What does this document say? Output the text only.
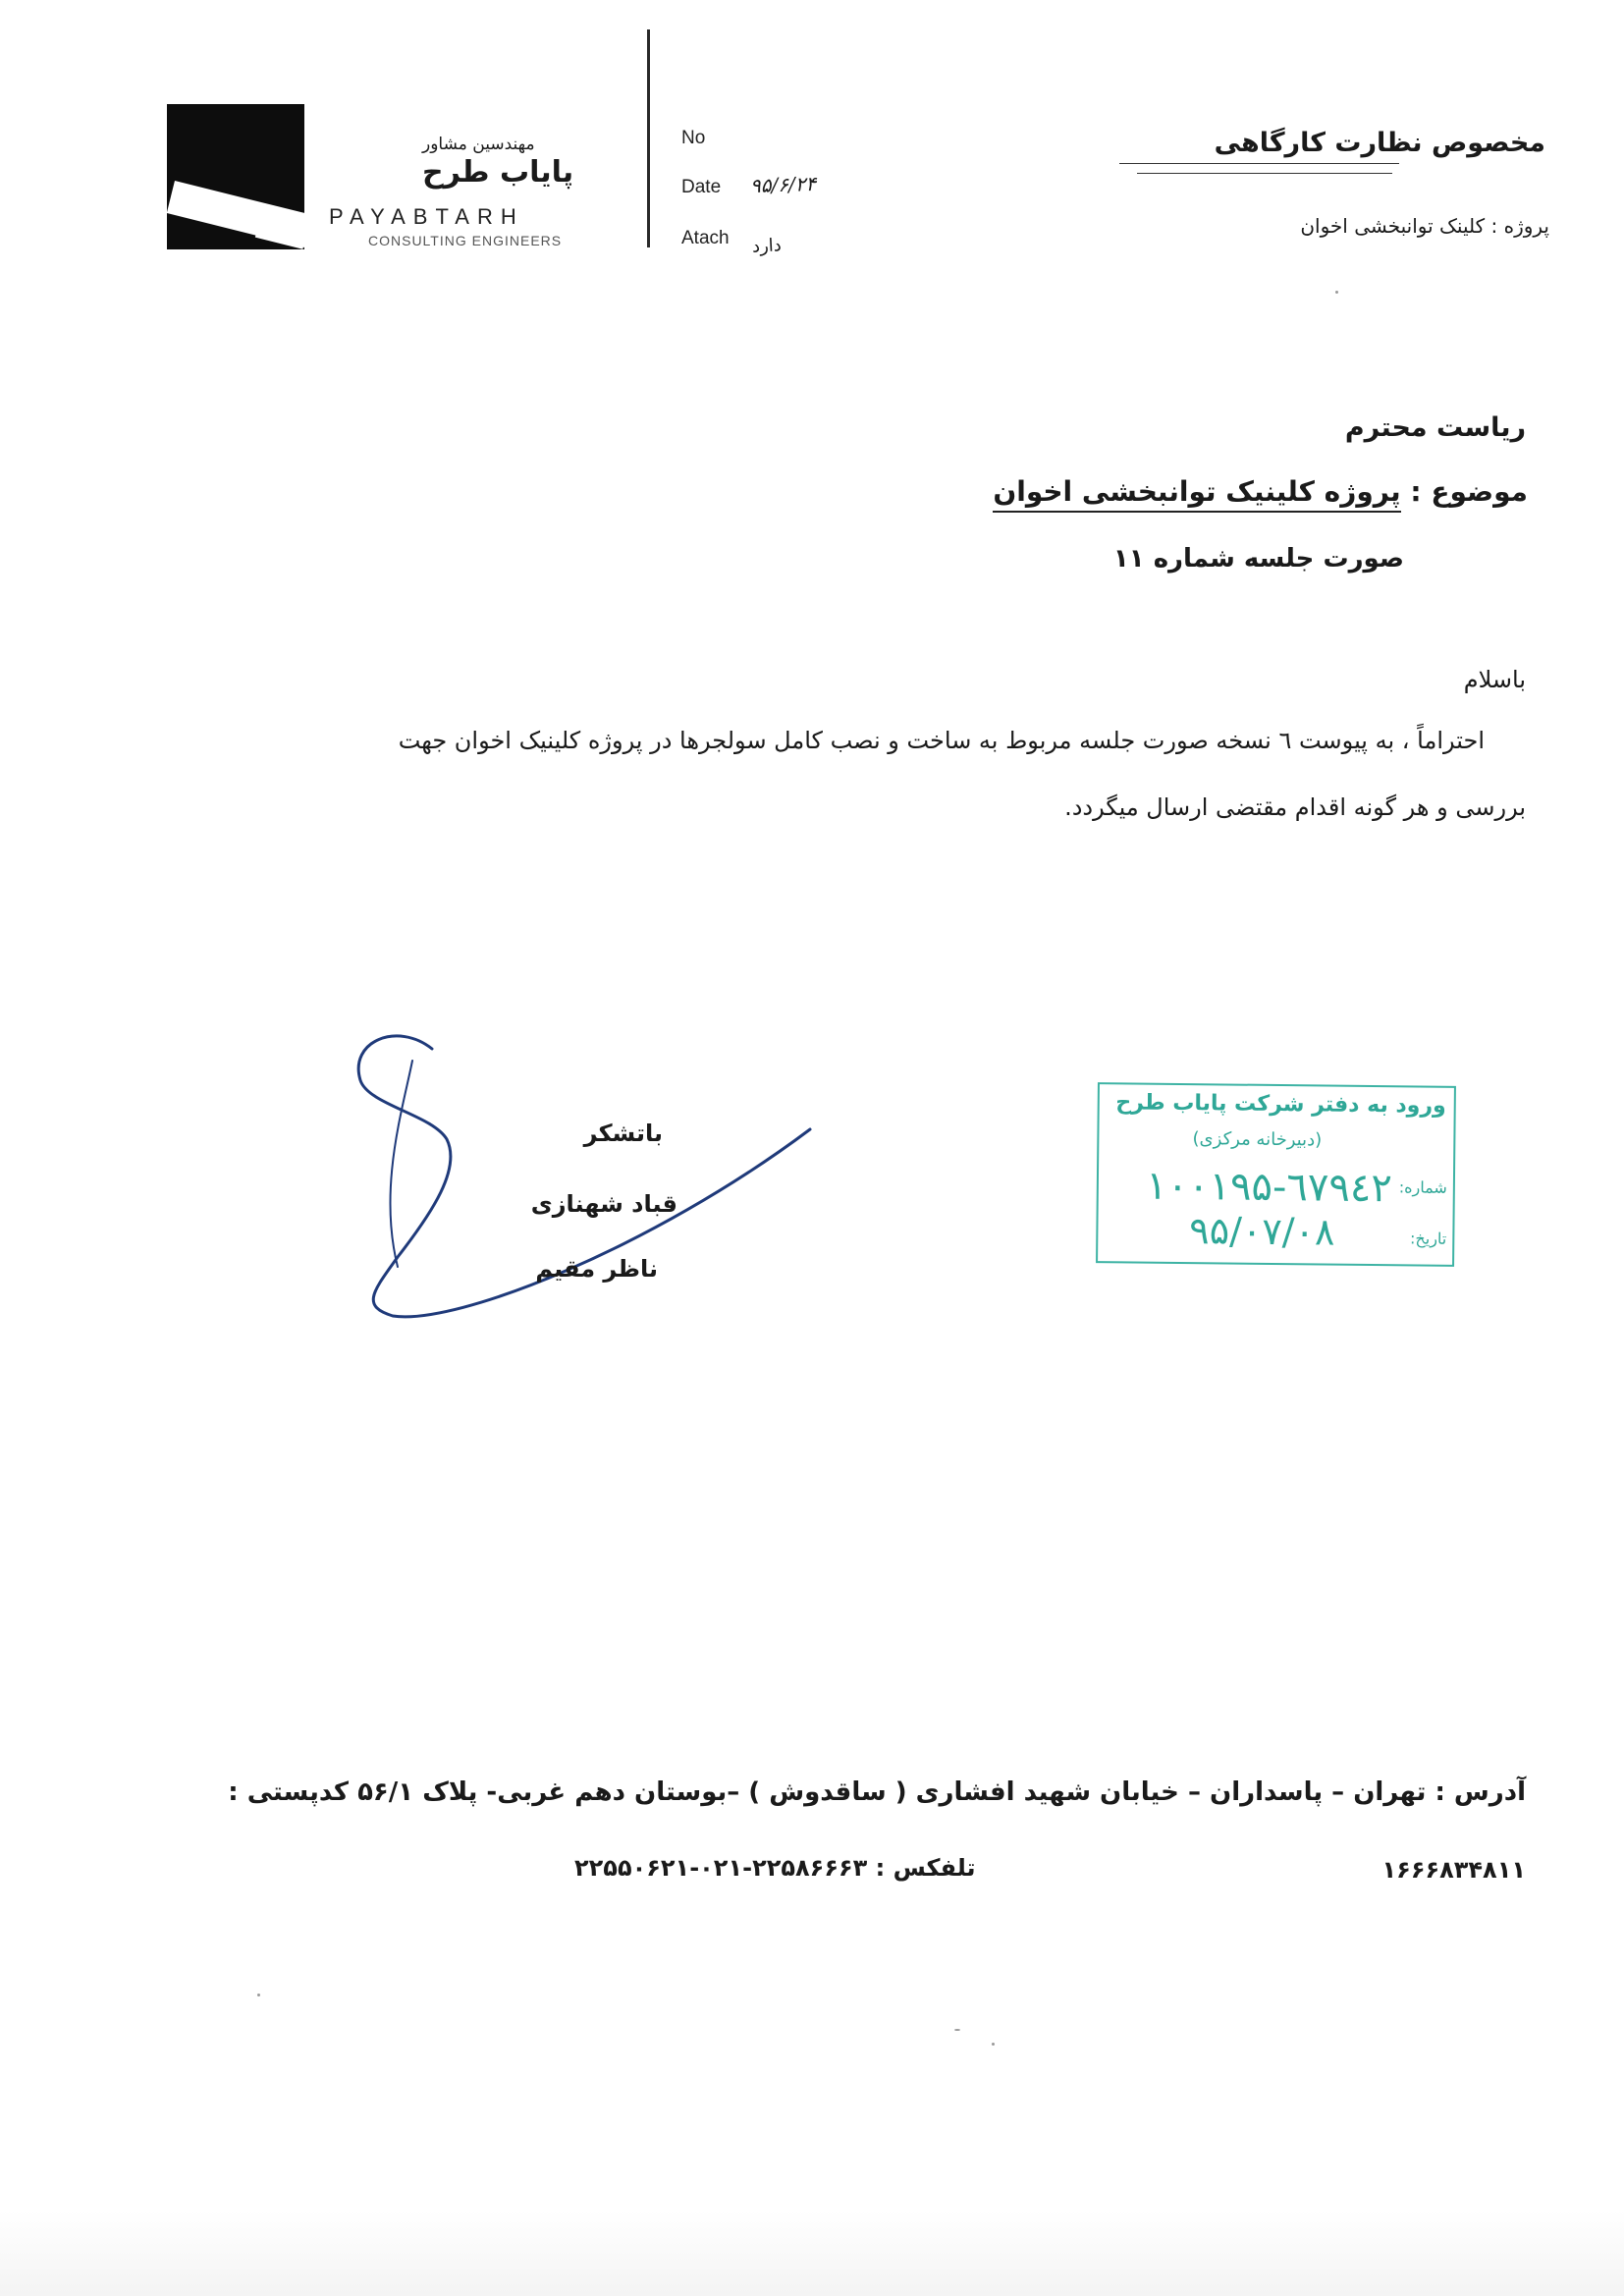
مهندسین مشاور
پایاب طرح
PAYABTARH
CONSULTING ENGINEERS
No
Date ۹۵/۶/۲۴
Atach دارد
مخصوص نظارت کارگاهی
پروژه : کلینک توانبخشی اخوان
ریاست محترم
موضوع : پروژه کلینیک توانبخشی اخوان
صورت جلسه شماره ۱۱
باسلام
احتراماً ، به پیوست ٦ نسخه صورت جلسه مربوط به ساخت و نصب کامل سولجرها در پروژه کلینیک اخوان جهت
بررسی و هر گونه اقدام مقتضی ارسال میگردد.
باتشکر
قباد شهنازی
ناظر مقیم
ورود به دفتر شرکت پایاب طرح
(دبیرخانه مرکزی)
شماره:
۱۰۰۱۹۵-٦٧٩٤٢
تاریخ:
۹۵/۰۷/۰۸
آدرس : تهران – پاسداران – خیابان شهید افشاری ( ساقدوش ) –بوستان دهم غربی- پلاک ۵۶/۱ کدپستی :
۱۶۶۶۸۳۴۸۱۱
تلفکس : ۲۲۵۸۶۶۶۳-۰۲۱-۲۲۵۵۰۶۲۱
